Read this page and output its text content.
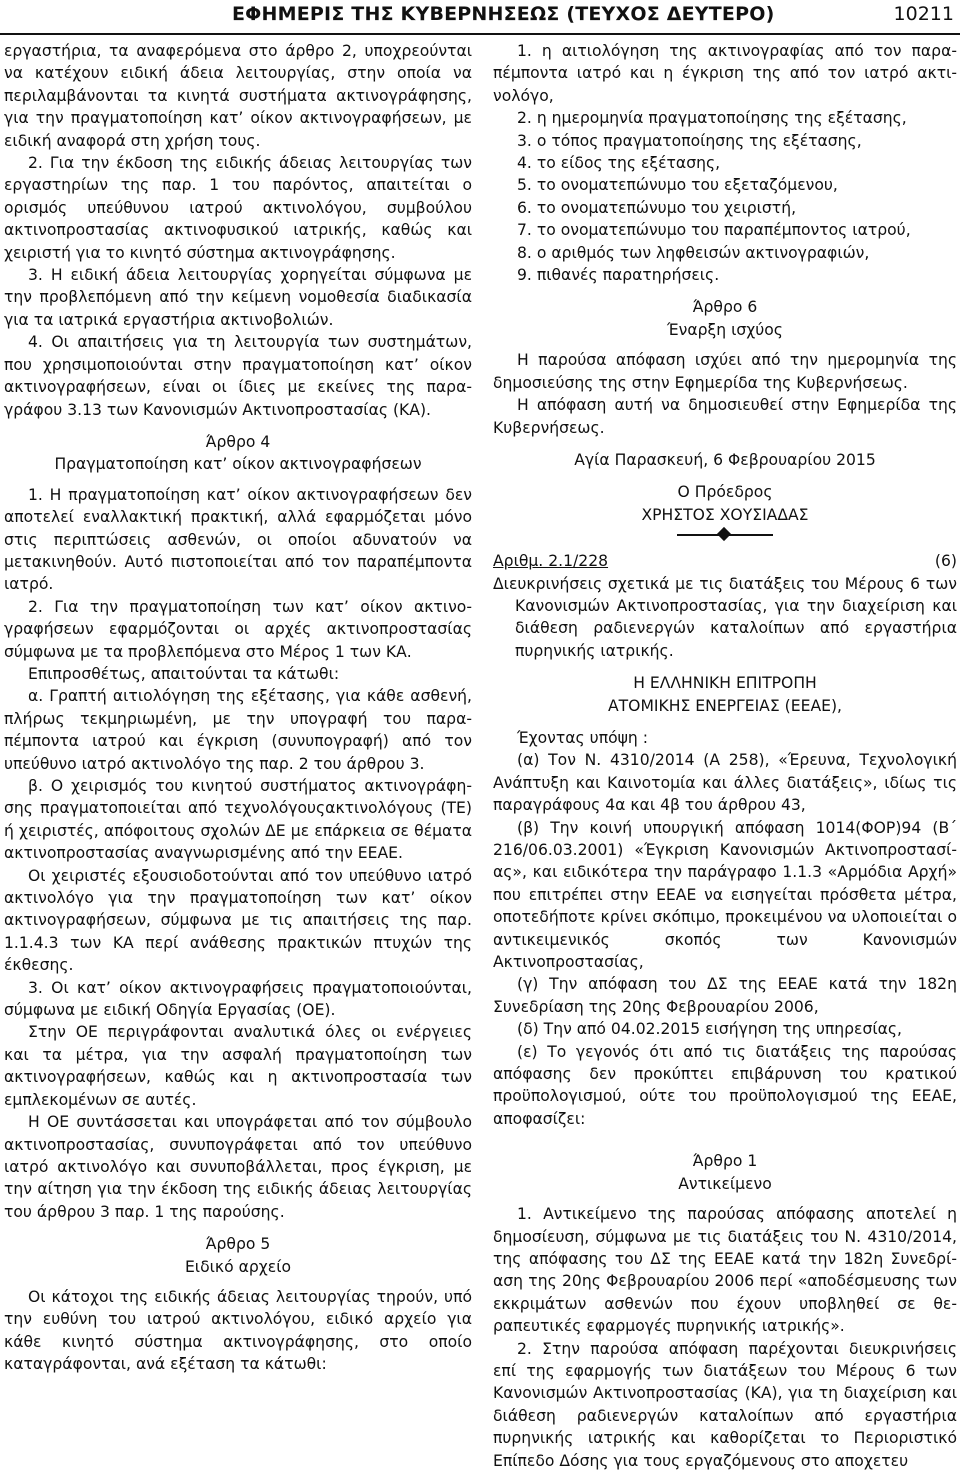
ΕΦΗΜΕΡΙΣ ΤΗΣ ΚΥΒΕΡΝΗΣΕΩΣ (ΤΕΥΧΟΣ ΔΕΥΤΕΡΟ)	10211

εργαστήρια, τα αναφερόμενα στο άρθρο 2, υποχρεούνται να κατέχουν ειδική άδεια λειτουργίας, στην οποία να περιλαμβάνονται τα κινητά συστήματα ακτινογράφησης, για την πραγματοποίηση κατ’ οίκον ακτινογραφήσεων, με ειδική αναφορά στη χρήση τους.

2. Για την έκδοση της ειδικής άδειας λειτουργίας των εργαστηρίων της παρ. 1 του παρόντος, απαιτείται ο ορισμός υπεύθυνου ιατρού ακτινολόγου, συμβούλου ακτινοπροστασίας ακτινοφυσικού ιατρικής, καθώς και χειριστή για το κινητό σύστημα ακτινογράφησης.

3. Η ειδική άδεια λειτουργίας χορηγείται σύμφωνα με την προβλεπόμενη από την κείμενη νομοθεσία διαδικασία για τα ιατρικά εργαστήρια ακτινοβολιών.

4. Οι απαιτήσεις για τη λειτουργία των συστημάτων, που χρησιμοποιούνται στην πραγματοποίηση κατ’ οίκον ακτινογραφήσεων, είναι οι ίδιες με εκείνες της παραγράφου 3.13 των Κανονισμών Ακτινοπροστασίας (ΚΑ).

Άρθρο 4

Πραγματοποίηση κατ’ οίκον ακτινογραφήσεων

1. Η πραγματοποίηση κατ’ οίκον ακτινογραφήσεων δεν αποτελεί εναλλακτική πρακτική, αλλά εφαρμόζεται μόνο στις περιπτώσεις ασθενών, οι οποίοι αδυνατούν να μετακινηθούν. Αυτό πιστοποιείται από τον παραπέμποντα ιατρό.

2. Για την πραγματοποίηση των κατ’ οίκον ακτινογραφήσεων εφαρμόζονται οι αρχές ακτινοπροστασίας σύμφωνα με τα προβλεπόμενα στο Μέρος 1 των ΚΑ.

Επιπροσθέτως, απαιτούνται τα κάτωθι:

α. Γραπτή αιτιολόγηση της εξέτασης, για κάθε ασθενή, πλήρως τεκμηριωμένη, με την υπογραφή του παραπέμποντα ιατρού και έγκριση (συνυπογραφή) από τον υπεύθυνο ιατρό ακτινολόγο της παρ. 2 του άρθρου 3.

β. Ο χειρισμός του κινητού συστήματος ακτινογράφησης πραγματοποιείται από τεχνολόγουςακτινολόγους (ΤΕ) ή χειριστές, απόφοιτους σχολών ΔΕ με επάρκεια σε θέματα ακτινοπροστασίας αναγνωρισμένης από την ΕΕΑΕ.

Οι χειριστές εξουσιοδοτούνται από τον υπεύθυνο ιατρό ακτινολόγο για την πραγματοποίηση των κατ’ οίκον ακτινογραφήσεων, σύμφωνα με τις απαιτήσεις της παρ. 1.1.4.3 των ΚΑ περί ανάθεσης πρακτικών πτυχών της έκθεσης.

3. Οι κατ’ οίκον ακτινογραφήσεις πραγματοποιούνται, σύμφωνα με ειδική Οδηγία Εργασίας (ΟΕ).

Στην ΟΕ περιγράφονται αναλυτικά όλες οι ενέργειες και τα μέτρα, για την ασφαλή πραγματοποίηση των ακτινογραφήσεων, καθώς και η ακτινοπροστασία των εμπλεκομένων σε αυτές.

Η ΟΕ συντάσσεται και υπογράφεται από τον σύμβουλο ακτινοπροστασίας, συνυπογράφεται από τον υπεύθυνο ιατρό ακτινολόγο και συνυποβάλλεται, προς έγκριση, με την αίτηση για την έκδοση της ειδικής άδειας λειτουργίας του άρθρου 3 παρ. 1 της παρούσης.

Άρθρο 5

Ειδικό αρχείο

Οι κάτοχοι της ειδικής άδειας λειτουργίας τηρούν, υπό την ευθύνη του ιατρού ακτινολόγου, ειδικό αρχείο για κάθε κινητό σύστημα ακτινογράφησης, στο οποίο καταγράφονται, ανά εξέταση τα κάτωθι:

1. η αιτιολόγηση της ακτινογραφίας από τον παραπέμποντα ιατρό και η έγκριση της από τον ιατρό ακτινολόγο,

2. η ημερομηνία πραγματοποίησης της εξέτασης,

3. ο τόπος πραγματοποίησης της εξέτασης,

4. το είδος της εξέτασης,

5. το ονοματεπώνυμο του εξεταζόμενου,

6. το ονοματεπώνυμο του χειριστή,

7. το ονοματεπώνυμο του παραπέμποντος ιατρού,

8. ο αριθμός των ληφθεισών ακτινογραφιών,

9. πιθανές παρατηρήσεις.

Άρθρο 6

Έναρξη ισχύος

Η παρούσα απόφαση ισχύει από την ημερομηνία της δημοσιεύσης της στην Εφημερίδα της Κυβερνήσεως.

Η απόφαση αυτή να δημοσιευθεί στην Εφημερίδα της Κυβερνήσεως.

Αγία Παρασκευή, 6 Φεβρουαρίου 2015

Ο Πρόεδρος

ΧΡΗΣΤΟΣ ΧΟΥΣΙΑΔΑΣ

Αριθμ. 2.1/228	(6)

Διευκρινήσεις σχετικά με τις διατάξεις του Μέρους 6 των Κανονισμών Ακτινοπροστασίας, για την διαχείριση και διάθεση ραδιενεργών καταλοίπων από εργαστήρια πυρηνικής ιατρικής.

Η ΕΛΛΗΝΙΚΗ ΕΠΙΤΡΟΠΗ

ΑΤΟΜΙΚΗΣ ΕΝΕΡΓΕΙΑΣ (ΕΕΑΕ),

Έχοντας υπόψη :

(α) Τον Ν. 4310/2014 (Α 258), «Έρευνα, Τεχνολογική Ανάπτυξη και Καινοτομία και άλλες διατάξεις», ιδίως τις παραγράφους 4α και 4β του άρθρου 43,

(β) Την κοινή υπουργική απόφαση 1014(ΦΟΡ)94 (Β΄ 216/06.03.2001) «Έγκριση Κανονισμών Ακτινοπροστασίας», και ειδικότερα την παράγραφο 1.1.3 «Αρμόδια Αρχή» που επιτρέπει στην ΕΕΑΕ να εισηγείται πρόσθετα μέτρα, οποτεδήποτε κρίνει σκόπιμο, προκειμένου να υλοποιείται ο αντικειμενικός σκοπός των Κανονισμών Ακτινοπροστασίας,

(γ) Την απόφαση του ΔΣ της ΕΕΑΕ κατά την 182η Συνεδρίαση της 20ης Φεβρουαρίου 2006,

(δ) Την από 04.02.2015 εισήγηση της υπηρεσίας,

(ε) Το γεγονός ότι από τις διατάξεις της παρούσας απόφασης δεν προκύπτει επιβάρυνση του κρατικού προϋπολογισμού, ούτε του προϋπολογισμού της ΕΕΑΕ, αποφασίζει:

Άρθρο 1

Αντικείμενο

1. Αντικείμενο της παρούσας απόφασης αποτελεί η δημοσίευση, σύμφωνα με τις διατάξεις του Ν. 4310/2014, της απόφασης του ΔΣ της ΕΕΑΕ κατά την 182η Συνεδρίαση της 20ης Φεβρουαρίου 2006 περί «αποδέσμευσης των εκκριμάτων ασθενών που έχουν υποβληθεί σε θεραπευτικές εφαρμογές πυρηνικής ιατρικής».

2. Στην παρούσα απόφαση παρέχονται διευκρινήσεις επί της εφαρμογής των διατάξεων του Μέρους 6 των Κανονισμών Ακτινοπροστασίας (ΚΑ), για τη διαχείριση και διάθεση ραδιενεργών καταλοίπων από εργαστήρια πυρηνικής ιατρικής και καθορίζεται το Περιοριστικό Επίπεδο Δόσης για τους εργαζόμενους στο αποχετευ
